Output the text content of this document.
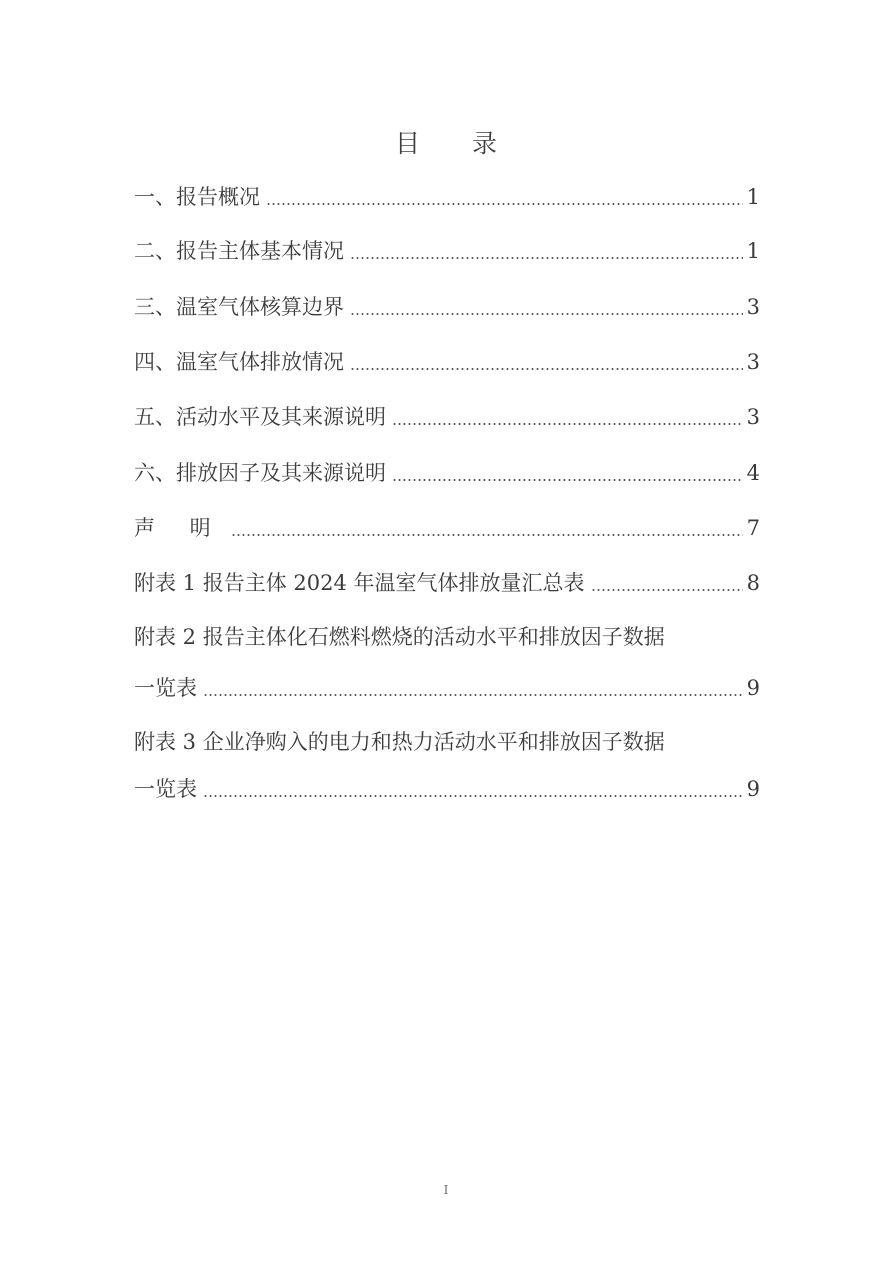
目 录
一、报告概况	1
二、报告主体基本情况	1
三、温室气体核算边界	3
四、温室气体排放情况	3
五、活动水平及其来源说明	3
六、排放因子及其来源说明	4
声 明	7
附表 1 报告主体 2024 年温室气体排放量汇总表	8
附表 2 报告主体化石燃料燃烧的活动水平和排放因子数据
一览表	9
附表 3 企业净购入的电力和热力活动水平和排放因子数据
一览表	9
I
